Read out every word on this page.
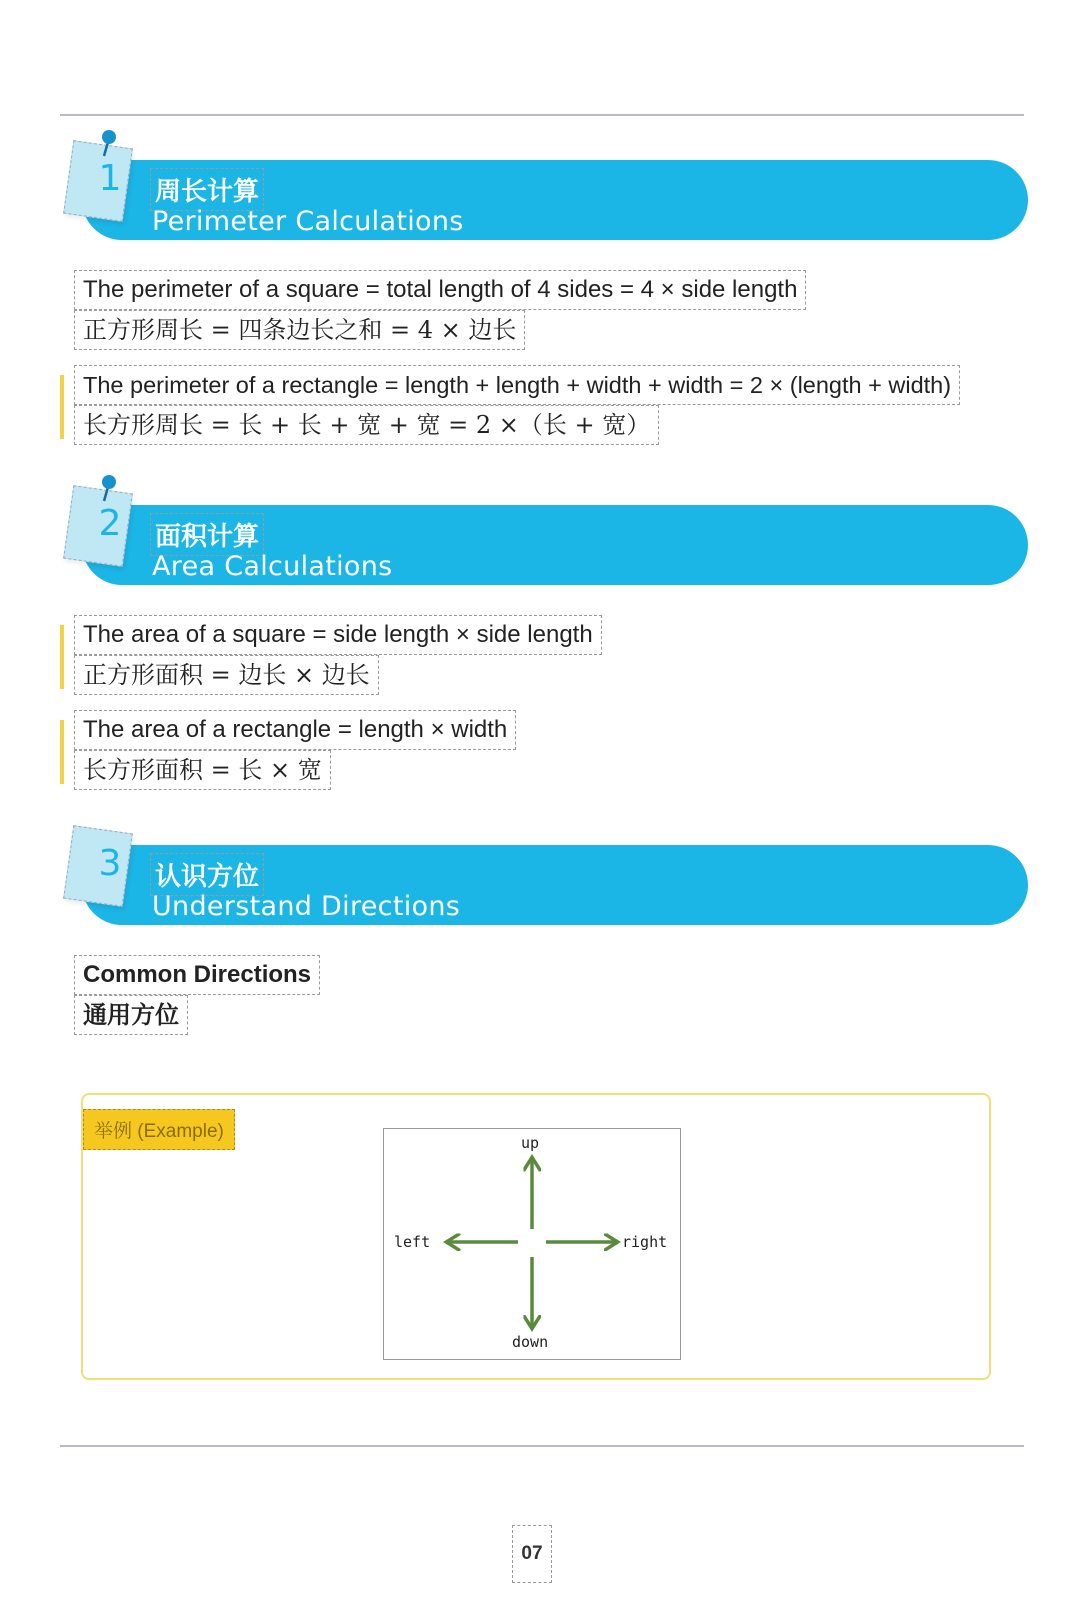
1	周长计算
Perimeter Calculations
The perimeter of a square = total length of 4 sides = 4 × side length
正方形周长 = 四条边长之和 = 4 × 边长
The perimeter of a rectangle = length + length + width + width = 2 × (length + width)
长方形周长 = 长 + 长 + 宽 + 宽 = 2 ×（长 + 宽）
2	面积计算
Area Calculations
The area of a square = side length × side length
正方形面积 = 边长 × 边长
The area of a rectangle = length × width
长方形面积 = 长 × 宽
3	认识方位
Understand Directions
Common Directions
通用方位
举例 (Example)
up
down
left	right
07
